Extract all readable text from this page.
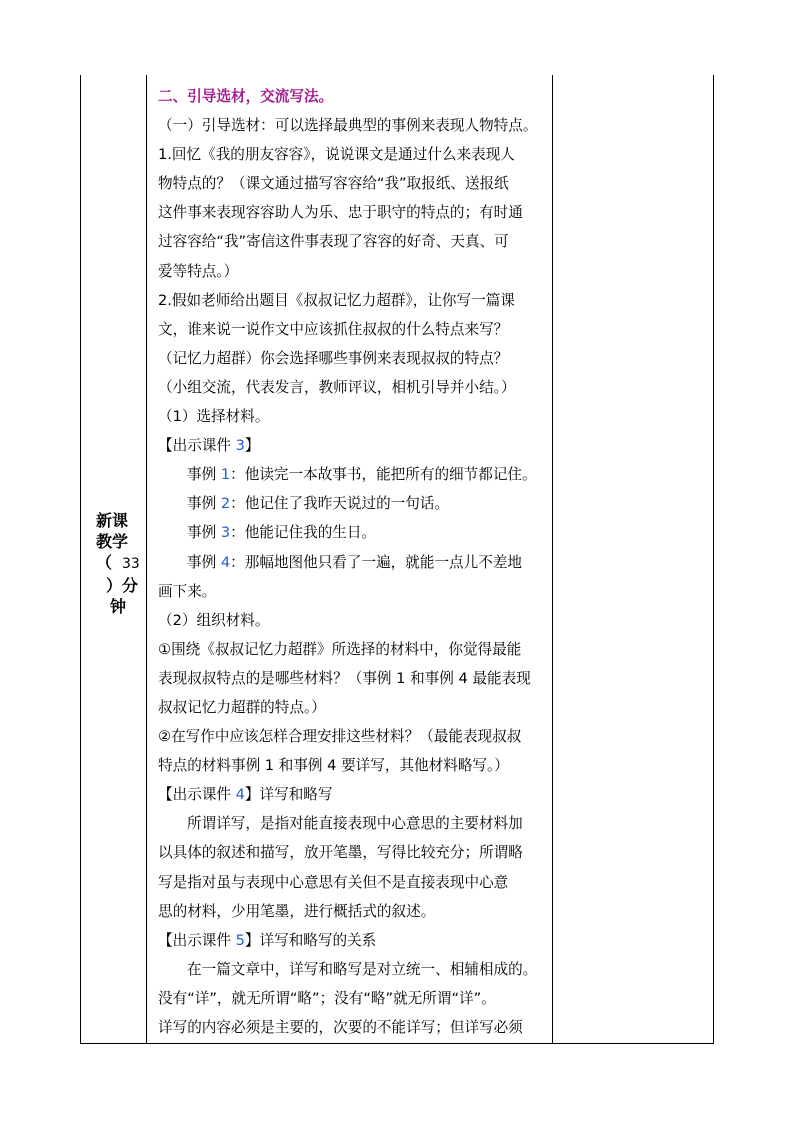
新课
教学
（ 33
）分
钟

二、引导选材，交流写法。

（一）引导选材：可以选择最典型的事例来表现人物特点。

1.回忆《我的朋友容容》，说说课文是通过什么来表现人

物特点的？（课文通过描写容容给“我”取报纸、送报纸

这件事来表现容容助人为乐、忠于职守的特点的；有时通

过容容给“我”寄信这件事表现了容容的好奇、天真、可

爱等特点。）

2.假如老师给出题目《叔叔记忆力超群》，让你写一篇课

文，谁来说一说作文中应该抓住叔叔的什么特点来写？

（记忆力超群）你会选择哪些事例来表现叔叔的特点？

（小组交流，代表发言，教师评议，相机引导并小结。）

（1）选择材料。

【出示课件 3】

事例 1：他读完一本故事书，能把所有的细节都记住。

事例 2：他记住了我昨天说过的一句话。

事例 3：他能记住我的生日。

事例 4：那幅地图他只看了一遍，就能一点儿不差地

画下来。

（2）组织材料。

①围绕《叔叔记忆力超群》所选择的材料中，你觉得最能

表现叔叔特点的是哪些材料？（事例 1 和事例 4 最能表现

叔叔记忆力超群的特点。）

②在写作中应该怎样合理安排这些材料？（最能表现叔叔

特点的材料事例 1 和事例 4 要详写，其他材料略写。）

【出示课件 4】详写和略写

所谓详写，是指对能直接表现中心意思的主要材料加

以具体的叙述和描写，放开笔墨，写得比较充分；所谓略

写是指对虽与表现中心意思有关但不是直接表现中心意

思的材料，少用笔墨，进行概括式的叙述。

【出示课件 5】详写和略写的关系

在一篇文章中，详写和略写是对立统一、相辅相成的。

没有“详”，就无所谓“略”；没有“略”就无所谓“详”。

详写的内容必须是主要的，次要的不能详写；但详写必须
